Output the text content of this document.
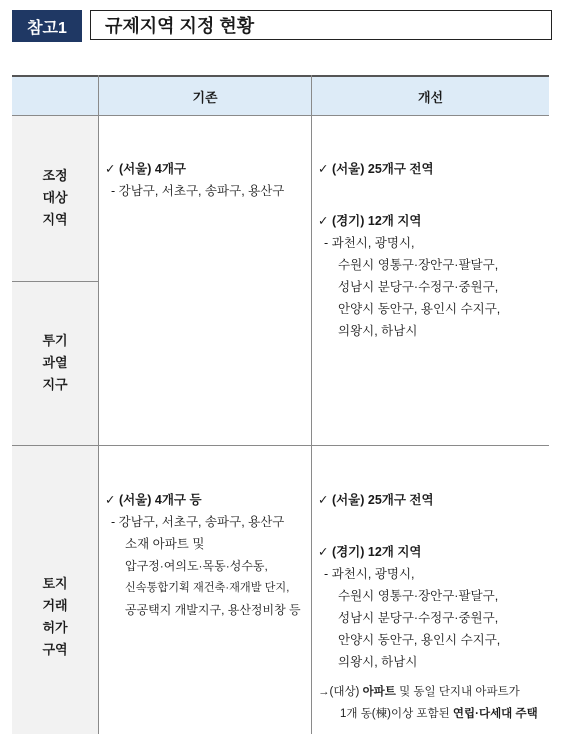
참고1	규제지역 지정 현황
기존	개선
조정
대상
지역
투기
과열
지구
토지
거래
허가
구역
✓ (서울) 4개구
- 강남구, 서초구, 송파구, 용산구
✓ (서울) 25개구 전역
✓ (경기) 12개 지역
- 과천시, 광명시,
수원시 영통구·장안구·팔달구,
성남시 분당구·수정구·중원구,
안양시 동안구, 용인시 수지구,
의왕시, 하남시
✓ (서울) 4개구 등
- 강남구, 서초구, 송파구, 용산구
소재 아파트 및
압구정·여의도·목동·성수동,
신속통합기획 재건축·재개발 단지,
공공택지 개발지구, 용산정비창 등
✓ (서울) 25개구 전역
✓ (경기) 12개 지역
- 과천시, 광명시,
수원시 영통구·장안구·팔달구,
성남시 분당구·수정구·중원구,
안양시 동안구, 용인시 수지구,
의왕시, 하남시
→(대상) 아파트 및 동일 단지내 아파트가
1개 동(棟)이상 포함된 연립·다세대 주택
